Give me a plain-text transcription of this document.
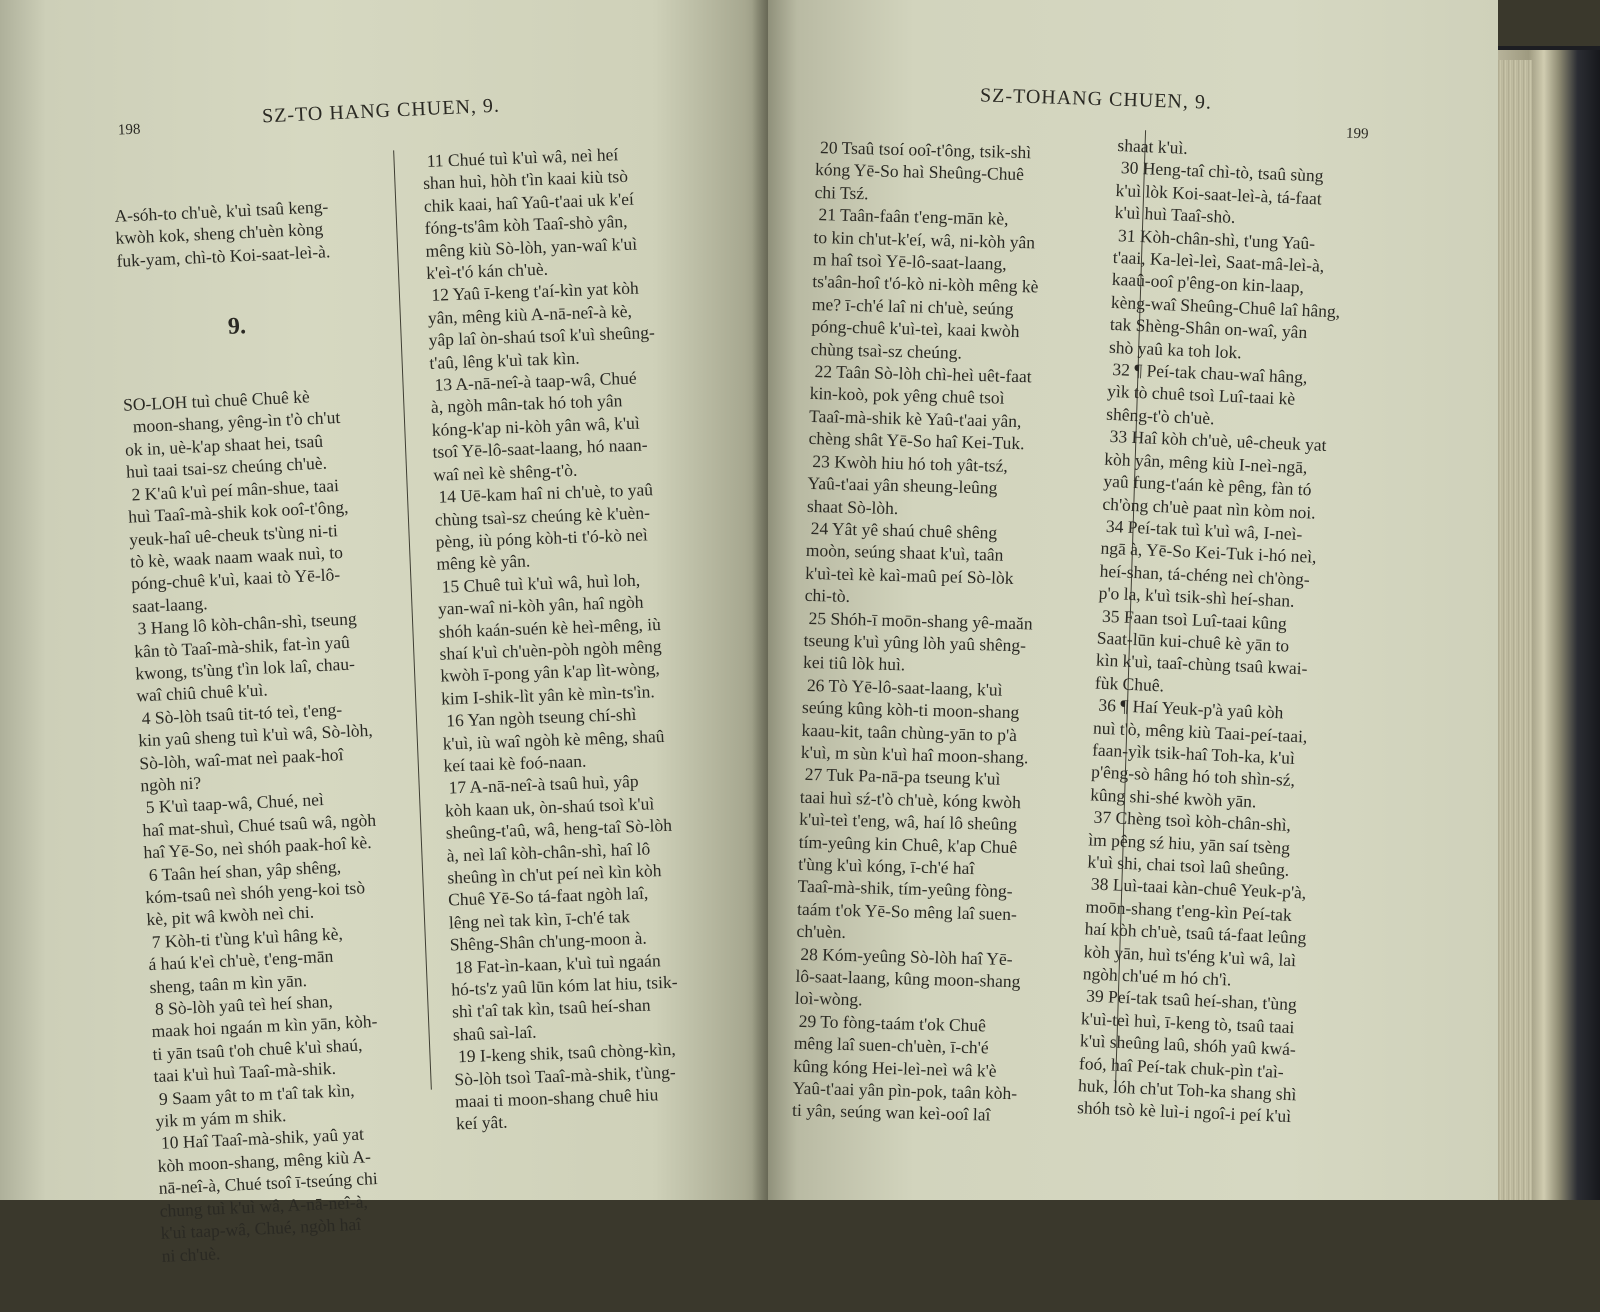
198
SZ-TO HANG CHUEN, 9.

A-sóh-to ch'uè, k'uì tsaû keng-
kwòh kok, sheng ch'uèn kòng
fuk-yam, chì-tò Koi-saat-leì-à.

9.

SO-LOH tuì chuê Chuê kè
moon-shang, yêng-ìn t'ò ch'ut
ok in, uè-k'ap shaat hei, tsaû
huì taai tsai-sz cheúng ch'uè.
2 K'aû k'uì peí mân-shue, taai
huì Taaî-mà-shik kok ooî-t'ông,
yeuk-haî uê-cheuk ts'ùng ni-ti
tò kè, waak naam waak nuì, to
póng-chuê k'uì, kaai tò Yē-lô-
saat-laang.
3 Hang lô kòh-chân-shì, tseung
kân tò Taaî-mà-shik, fat-ìn yaû
kwong, ts'ùng t'ìn lok laî, chau-
waî chiû chuê k'uì.
4 Sò-lòh tsaû tit-tó teì, t'eng-
kin yaû sheng tuì k'uì wâ, Sò-lòh,
Sò-lòh, waî-mat neì paak-hoî
ngòh ni?
5 K'uì taap-wâ, Chué, neì
haî mat-shuì, Chué tsaû wâ, ngòh
haî Yē-So, neì shóh paak-hoî kè.
6 Taân heí shan, yâp shêng,
kóm-tsaû neì shóh yeng-koi tsò
kè, pit wâ kwòh neì chi.
7 Kòh-ti t'ùng k'uì hâng kè,
á haú k'eì ch'uè, t'eng-mān
sheng, taân m kìn yān.
8 Sò-lòh yaû teì heí shan,
maak hoi ngaán m kìn yān, kòh-
ti yān tsaû t'oh chuê k'uì shaú,
taai k'uì huì Taaî-mà-shik.
9 Saam yât to m t'aî tak kìn,
yik m yám m shik.
10 Haî Taaî-mà-shik, yaû yat
kòh moon-shang, mêng kiù A-
nā-neî-à, Chué tsoî ī-tseúng chi
chung tuì k'uì wâ, A-nā-neî-à,
k'uì taap-wâ, Chué, ngòh haî
ni ch'uè.

11 Chué tuì k'uì wâ, neì heí
shan huì, hòh t'ìn kaai kiù tsò
chik kaai, haî Yaû-t'aai uk k'eí
fóng-ts'âm kòh Taaî-shò yân,
mêng kiù Sò-lòh, yan-waî k'uì
k'eì-t'ó kán ch'uè.
12 Yaû ī-keng t'aí-kìn yat kòh
yân, mêng kiù A-nā-neî-à kè,
yâp laî òn-shaú tsoî k'uì sheûng-
t'aû, lêng k'uì tak kìn.
13 A-nā-neî-à taap-wâ, Chué
à, ngòh mân-tak hó toh yân
kóng-k'ap ni-kòh yân wâ, k'uì
tsoî Yē-lô-saat-laang, hó naan-
waî neì kè shêng-t'ò.
14 Uē-kam haî ni ch'uè, to yaû
chùng tsaì-sz cheúng kè k'uèn-
pèng, iù póng kòh-ti t'ó-kò neì
mêng kè yân.
15 Chuê tuì k'uì wâ, huì loh,
yan-waî ni-kòh yân, haî ngòh
shóh kaán-suén kè heì-mêng, iù
shaí k'uì ch'uèn-pòh ngòh mêng
kwòh ī-pong yân k'ap lìt-wòng,
kim I-shik-lìt yân kè mìn-ts'ìn.
16 Yan ngòh tseung chí-shì
k'uì, iù waî ngòh kè mêng, shaû
keí taai kè foó-naan.
17 A-nā-neî-à tsaû huì, yâp
kòh kaan uk, òn-shaú tsoì k'uì
sheûng-t'aû, wâ, heng-taî Sò-lòh
à, neì laî kòh-chân-shì, haî lô
sheûng ìn ch'ut peí neì kìn kòh
Chuê Yē-So tá-faat ngòh laî,
lêng neì tak kìn, ī-ch'é tak
Shêng-Shân ch'ung-moon à.
18 Fat-ìn-kaan, k'uì tuì ngaán
hó-ts'z yaû lūn kóm lat hiu, tsik-
shì t'aî tak kìn, tsaû heí-shan
shaû saì-laî.
19 I-keng shik, tsaû chòng-kìn,
Sò-lòh tsoì Taaî-mà-shik, t'ùng-
maai ti moon-shang chuê hiu
keí yât.
SZ-TOHANG CHUEN, 9.
199
20 Tsaû tsoí ooî-t'ông, tsik-shì
kóng Yē-So haì Sheûng-Chuê
chi Tsź.
21 Taân-faân t'eng-mān kè,
to kin ch'ut-k'eí, wâ, ni-kòh yân
m haî tsoì Yē-lô-saat-laang,
ts'aân-hoî t'ó-kò ni-kòh mêng kè
me? ī-ch'é laî ni ch'uè, seúng
póng-chuê k'uì-teì, kaai kwòh
chùng tsaì-sz cheúng.
22 Taân Sò-lòh chì-heì uêt-faat
kin-koò, pok yêng chuê tsoì
Taaî-mà-shik kè Yaû-t'aai yân,
chèng shât Yē-So haî Kei-Tuk.
23 Kwòh hiu hó toh yât-tsź,
Yaû-t'aai yân sheung-leûng
shaat Sò-lòh.
24 Yât yê shaú chuê shêng
moòn, seúng shaat k'uì, taân
k'uì-teì kè kaì-maû peí Sò-lòk
chi-tò.
25 Shóh-ī moōn-shang yê-maăn
tseung k'uì yûng lòh yaû shêng-
kei tiû lòk huì.
26 Tò Yē-lô-saat-laang, k'uì
seúng kûng kòh-ti moon-shang
kaau-kit, taân chùng-yān to p'à
k'uì, m sùn k'uì haî moon-shang.
27 Tuk Pa-nā-pa tseung k'uì
taai huì sź-t'ò ch'uè, kóng kwòh
k'uì-teì t'eng, wâ, haí lô sheûng
tím-yeûng kin Chuê, k'ap Chuê
t'ùng k'uì kóng, ī-ch'é haî
Taaî-mà-shik, tím-yeûng fòng-
taám t'ok Yē-So mêng laî suen-
ch'uèn.
28 Kóm-yeûng Sò-lòh haî Yē-
lô-saat-laang, kûng moon-shang
loì-wòng.
29 To fòng-taám t'ok Chuê
mêng laî suen-ch'uèn, ī-ch'é
kûng kóng Hei-leì-neì wâ k'è
Yaû-t'aai yân pìn-pok, taân kòh-
ti yân, seúng wan keì-ooî laî
shaat k'uì.
30 Heng-taî chì-tò, tsaû sùng
k'uì lòk Koi-saat-leì-à, tá-faat
k'uì huì Taaî-shò.
31 Kòh-chân-shì, t'ung Yaû-
t'aai, Ka-leì-leì, Saat-mâ-leì-à,
kaaû-ooî p'êng-on kin-laap,
kèng-waî Sheûng-Chuê laî hâng,
tak Shèng-Shân on-waî, yân
shò yaû ka toh lok.
32 ¶ Peí-tak chau-waî hâng,
yìk tò chuê tsoì Luî-taai kè
shêng-t'ò ch'uè.
33 Haî kòh ch'uè, uê-cheuk yat
kòh yân, mêng kiù I-neì-ngā,
yaû fung-t'aán kè pêng, fàn tó
ch'òng ch'uè paat nìn kòm noi.
34 Peí-tak tuì k'uì wâ, I-neì-
ngā à, Yē-So Kei-Tuk i-hó neì,
heí-shan, tá-chéng neì ch'òng-
p'o la, k'uì tsik-shì heí-shan.
35 Faan tsoì Luî-taai kûng
Saat-lūn kui-chuê kè yān to
kìn k'uì, taaî-chùng tsaû kwai-
fùk Chuê.
36 ¶ Haí Yeuk-p'à yaû kòh
nuì t'ò, mêng kiù Taai-peí-taai,
faan-yìk tsik-haî Toh-ka, k'uì
p'êng-sò hâng hó toh shìn-sź,
kûng shi-shé kwòh yān.
37 Chèng tsoì kòh-chân-shì,
ìm pêng sź hiu, yān saí tsèng
k'uì shi, chai tsoì laû sheûng.
38 Luì-taai kàn-chuê Yeuk-p'à,
moōn-shang t'eng-kìn Peí-tak
haí kòh ch'uè, tsaû tá-faat leûng
kòh yān, huì ts'éng k'uì wâ, laì
ngòh ch'ué m hó ch'ì.
39 Peí-tak tsaû heí-shan, t'ùng
k'uì-teì huì, ī-keng tò, tsaû taai
k'uì sheûng laû, shóh yaû kwá-
foó, haî Peí-tak chuk-pìn t'aì-
huk, lóh ch'ut Toh-ka shang shì
shóh tsò kè luì-i ngoî-i peí k'uì
